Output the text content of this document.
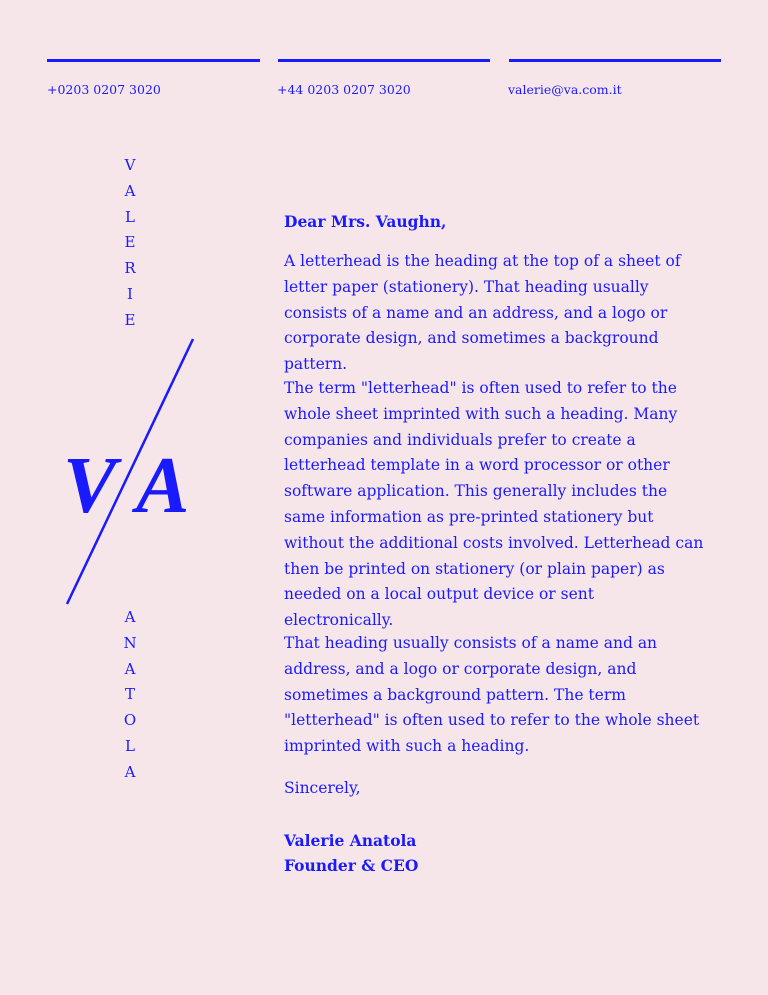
+0203 0207 3020	+44 0203 0207 3020	valerie@va.com.it
V
A
L
E
R
I
E
V A
A
N
A
T
O
L
A
Dear Mrs. Vaughn,

A letterhead is the heading at the top of a sheet of letter paper (stationery). That heading usually consists of a name and an address, and a logo or corporate design, and sometimes a background pattern.

The term "letterhead" is often used to refer to the whole sheet imprinted with such a heading. Many companies and individuals prefer to create a letterhead template in a word processor or other software application. This generally includes the same information as pre-printed stationery but without the additional costs involved. Letterhead can then be printed on stationery (or plain paper) as needed on a local output device or sent electronically.

That heading usually consists of a name and an address, and a logo or corporate design, and sometimes a background pattern. The term "letterhead" is often used to refer to the whole sheet imprinted with such a heading.

Sincerely,
Valerie Anatola
Founder & CEO
